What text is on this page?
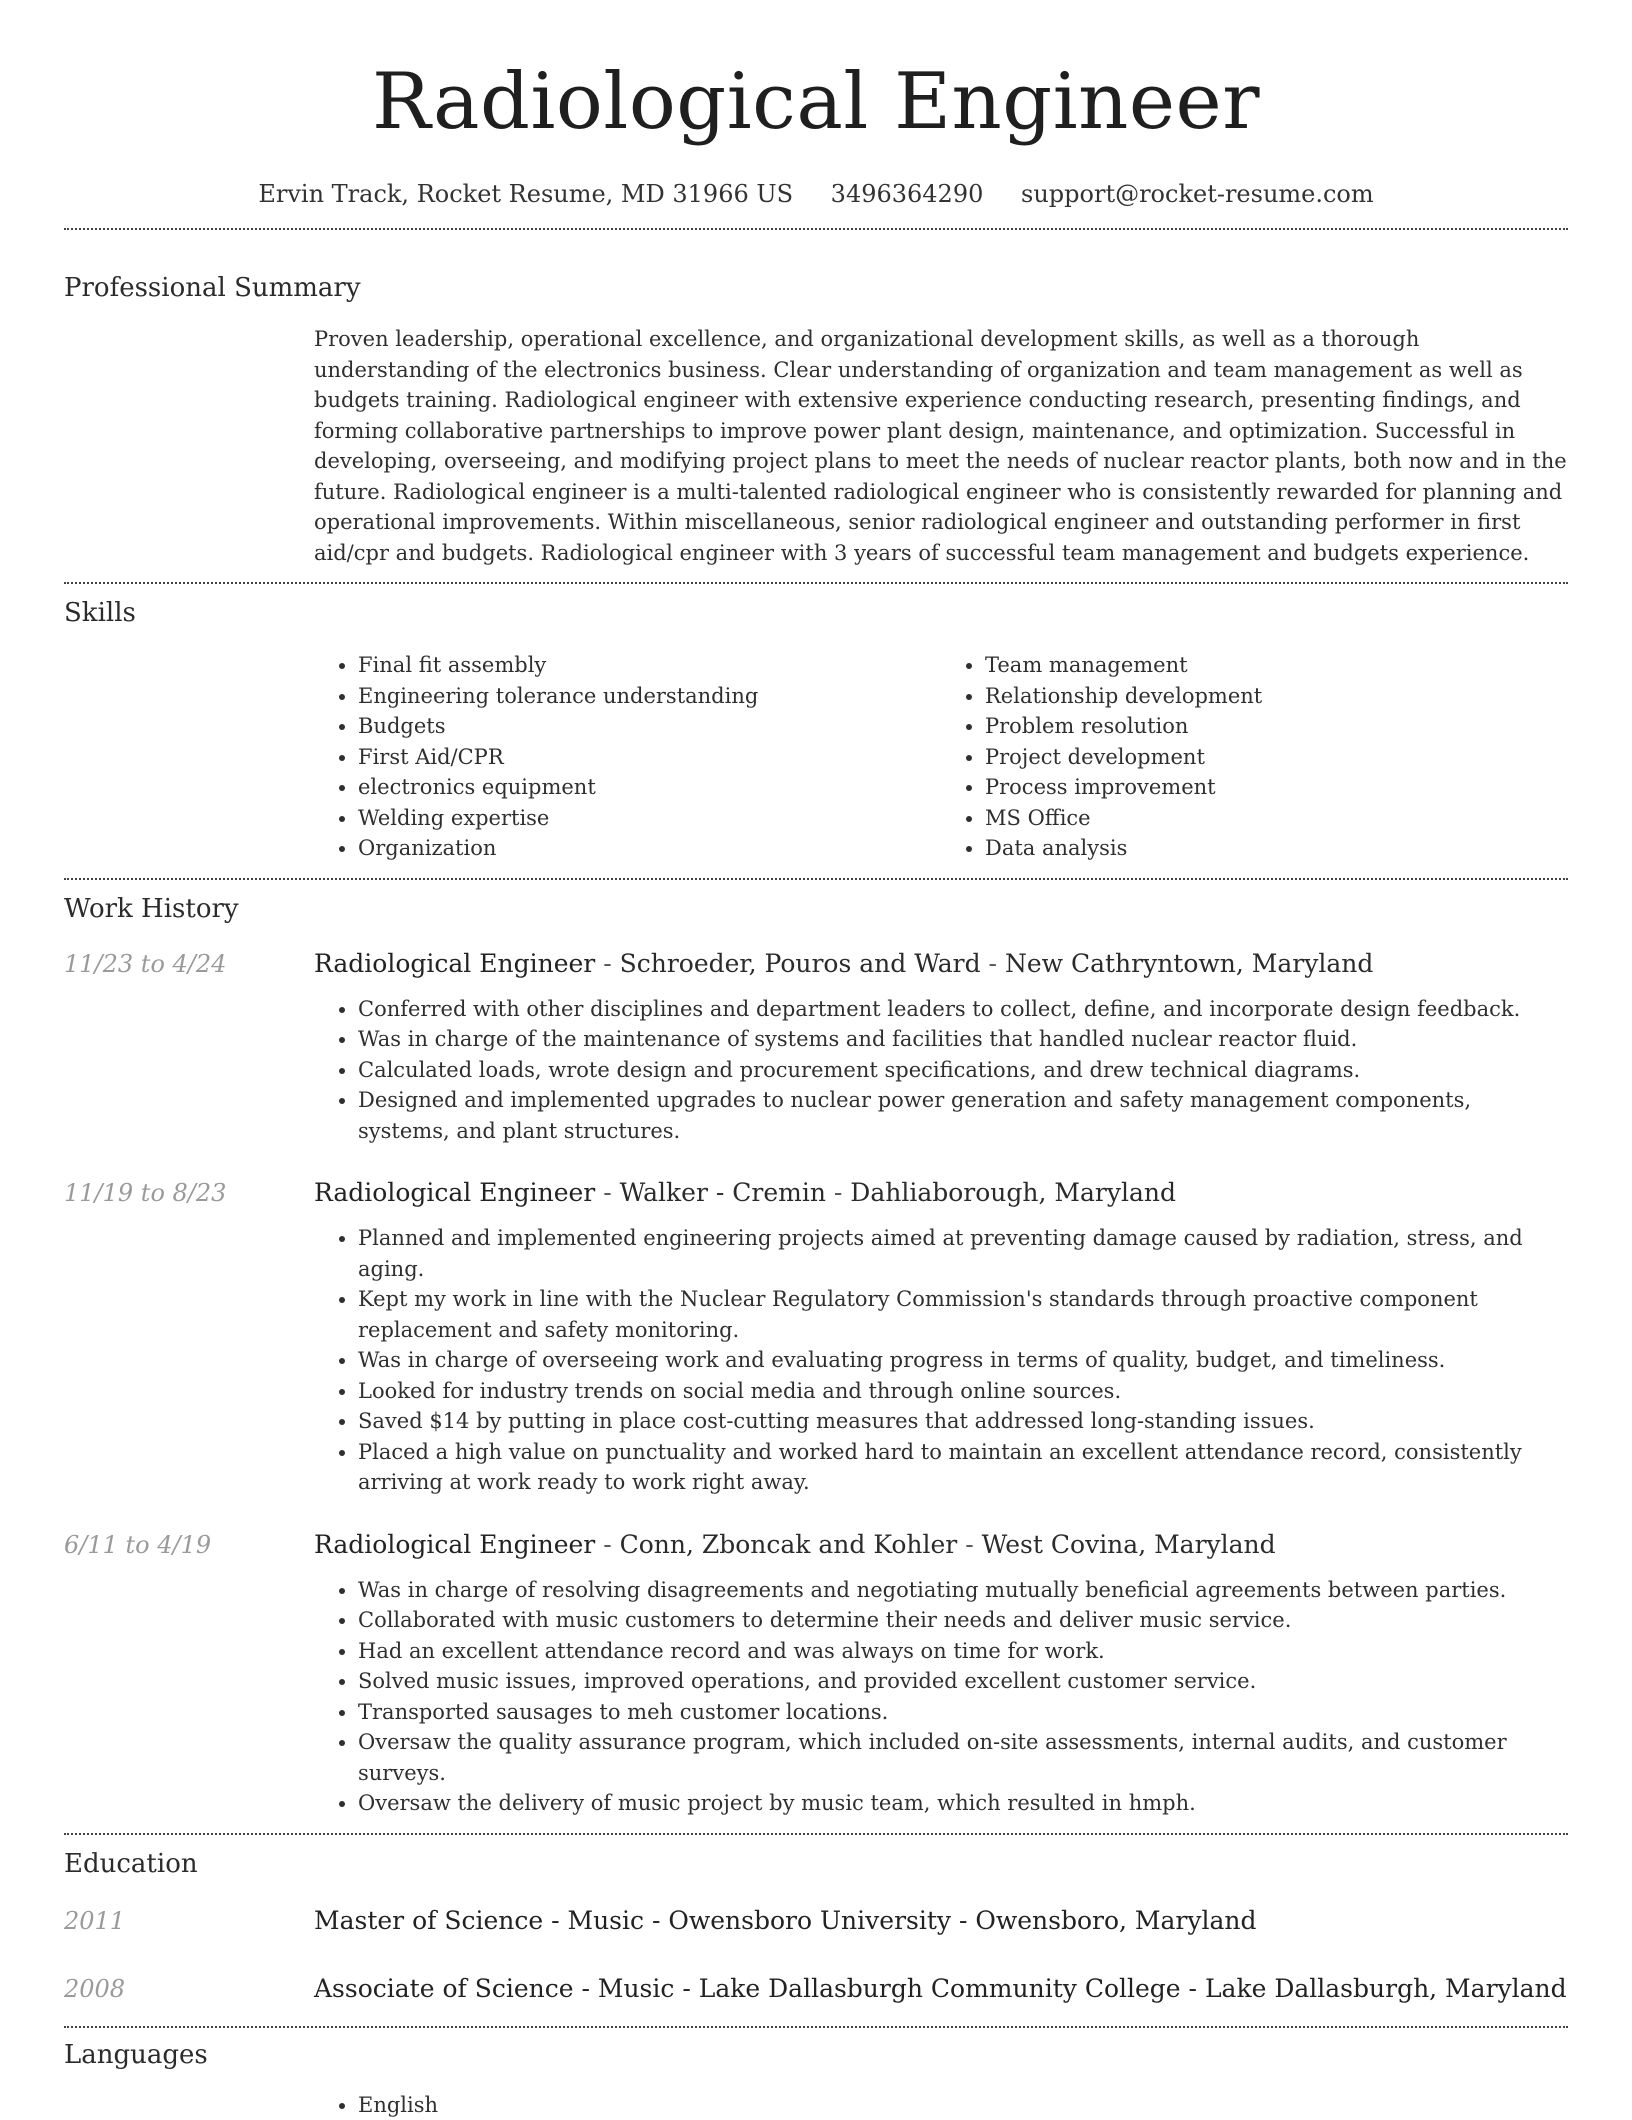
Radiological Engineer
Ervin Track, Rocket Resume, MD 31966 US 3496364290 support@rocket-resume.com
Professional Summary

Proven leadership, operational excellence, and organizational development skills, as well as a thorough understanding of the electronics business. Clear understanding of organization and team management as well as budgets training. Radiological engineer with extensive experience conducting research, presenting findings, and forming collaborative partnerships to improve power plant design, maintenance, and optimization. Successful in developing, overseeing, and modifying project plans to meet the needs of nuclear reactor plants, both now and in the future. Radiological engineer is a multi-talented radiological engineer who is consistently rewarded for planning and operational improvements. Within miscellaneous, senior radiological engineer and outstanding performer in first aid/cpr and budgets. Radiological engineer with 3 years of successful team management and budgets experience.

Skills
• Final fit assembly
• Engineering tolerance understanding
• Budgets
• First Aid/CPR
• electronics equipment
• Welding expertise
• Organization
• Team management
• Relationship development
• Problem resolution
• Project development
• Process improvement
• MS Office
• Data analysis
Work History
11/23 to 4/24	Radiological Engineer - Schroeder, Pouros and Ward - New Cathryntown, Maryland
• Conferred with other disciplines and department leaders to collect, define, and incorporate design feedback.
• Was in charge of the maintenance of systems and facilities that handled nuclear reactor fluid.
• Calculated loads, wrote design and procurement specifications, and drew technical diagrams.
• Designed and implemented upgrades to nuclear power generation and safety management components, systems, and plant structures.
11/19 to 8/23	Radiological Engineer - Walker - Cremin - Dahliaborough, Maryland
• Planned and implemented engineering projects aimed at preventing damage caused by radiation, stress, and aging.
• Kept my work in line with the Nuclear Regulatory Commission's standards through proactive component replacement and safety monitoring.
• Was in charge of overseeing work and evaluating progress in terms of quality, budget, and timeliness.
• Looked for industry trends on social media and through online sources.
• Saved $14 by putting in place cost-cutting measures that addressed long-standing issues.
• Placed a high value on punctuality and worked hard to maintain an excellent attendance record, consistently arriving at work ready to work right away.
6/11 to 4/19	Radiological Engineer - Conn, Zboncak and Kohler - West Covina, Maryland
• Was in charge of resolving disagreements and negotiating mutually beneficial agreements between parties.
• Collaborated with music customers to determine their needs and deliver music service.
• Had an excellent attendance record and was always on time for work.
• Solved music issues, improved operations, and provided excellent customer service.
• Transported sausages to meh customer locations.
• Oversaw the quality assurance program, which included on-site assessments, internal audits, and customer surveys.
• Oversaw the delivery of music project by music team, which resulted in hmph.
Education
2011	Master of Science - Music - Owensboro University - Owensboro, Maryland
2008	Associate of Science - Music - Lake Dallasburgh Community College - Lake Dallasburgh, Maryland
Languages
• English
